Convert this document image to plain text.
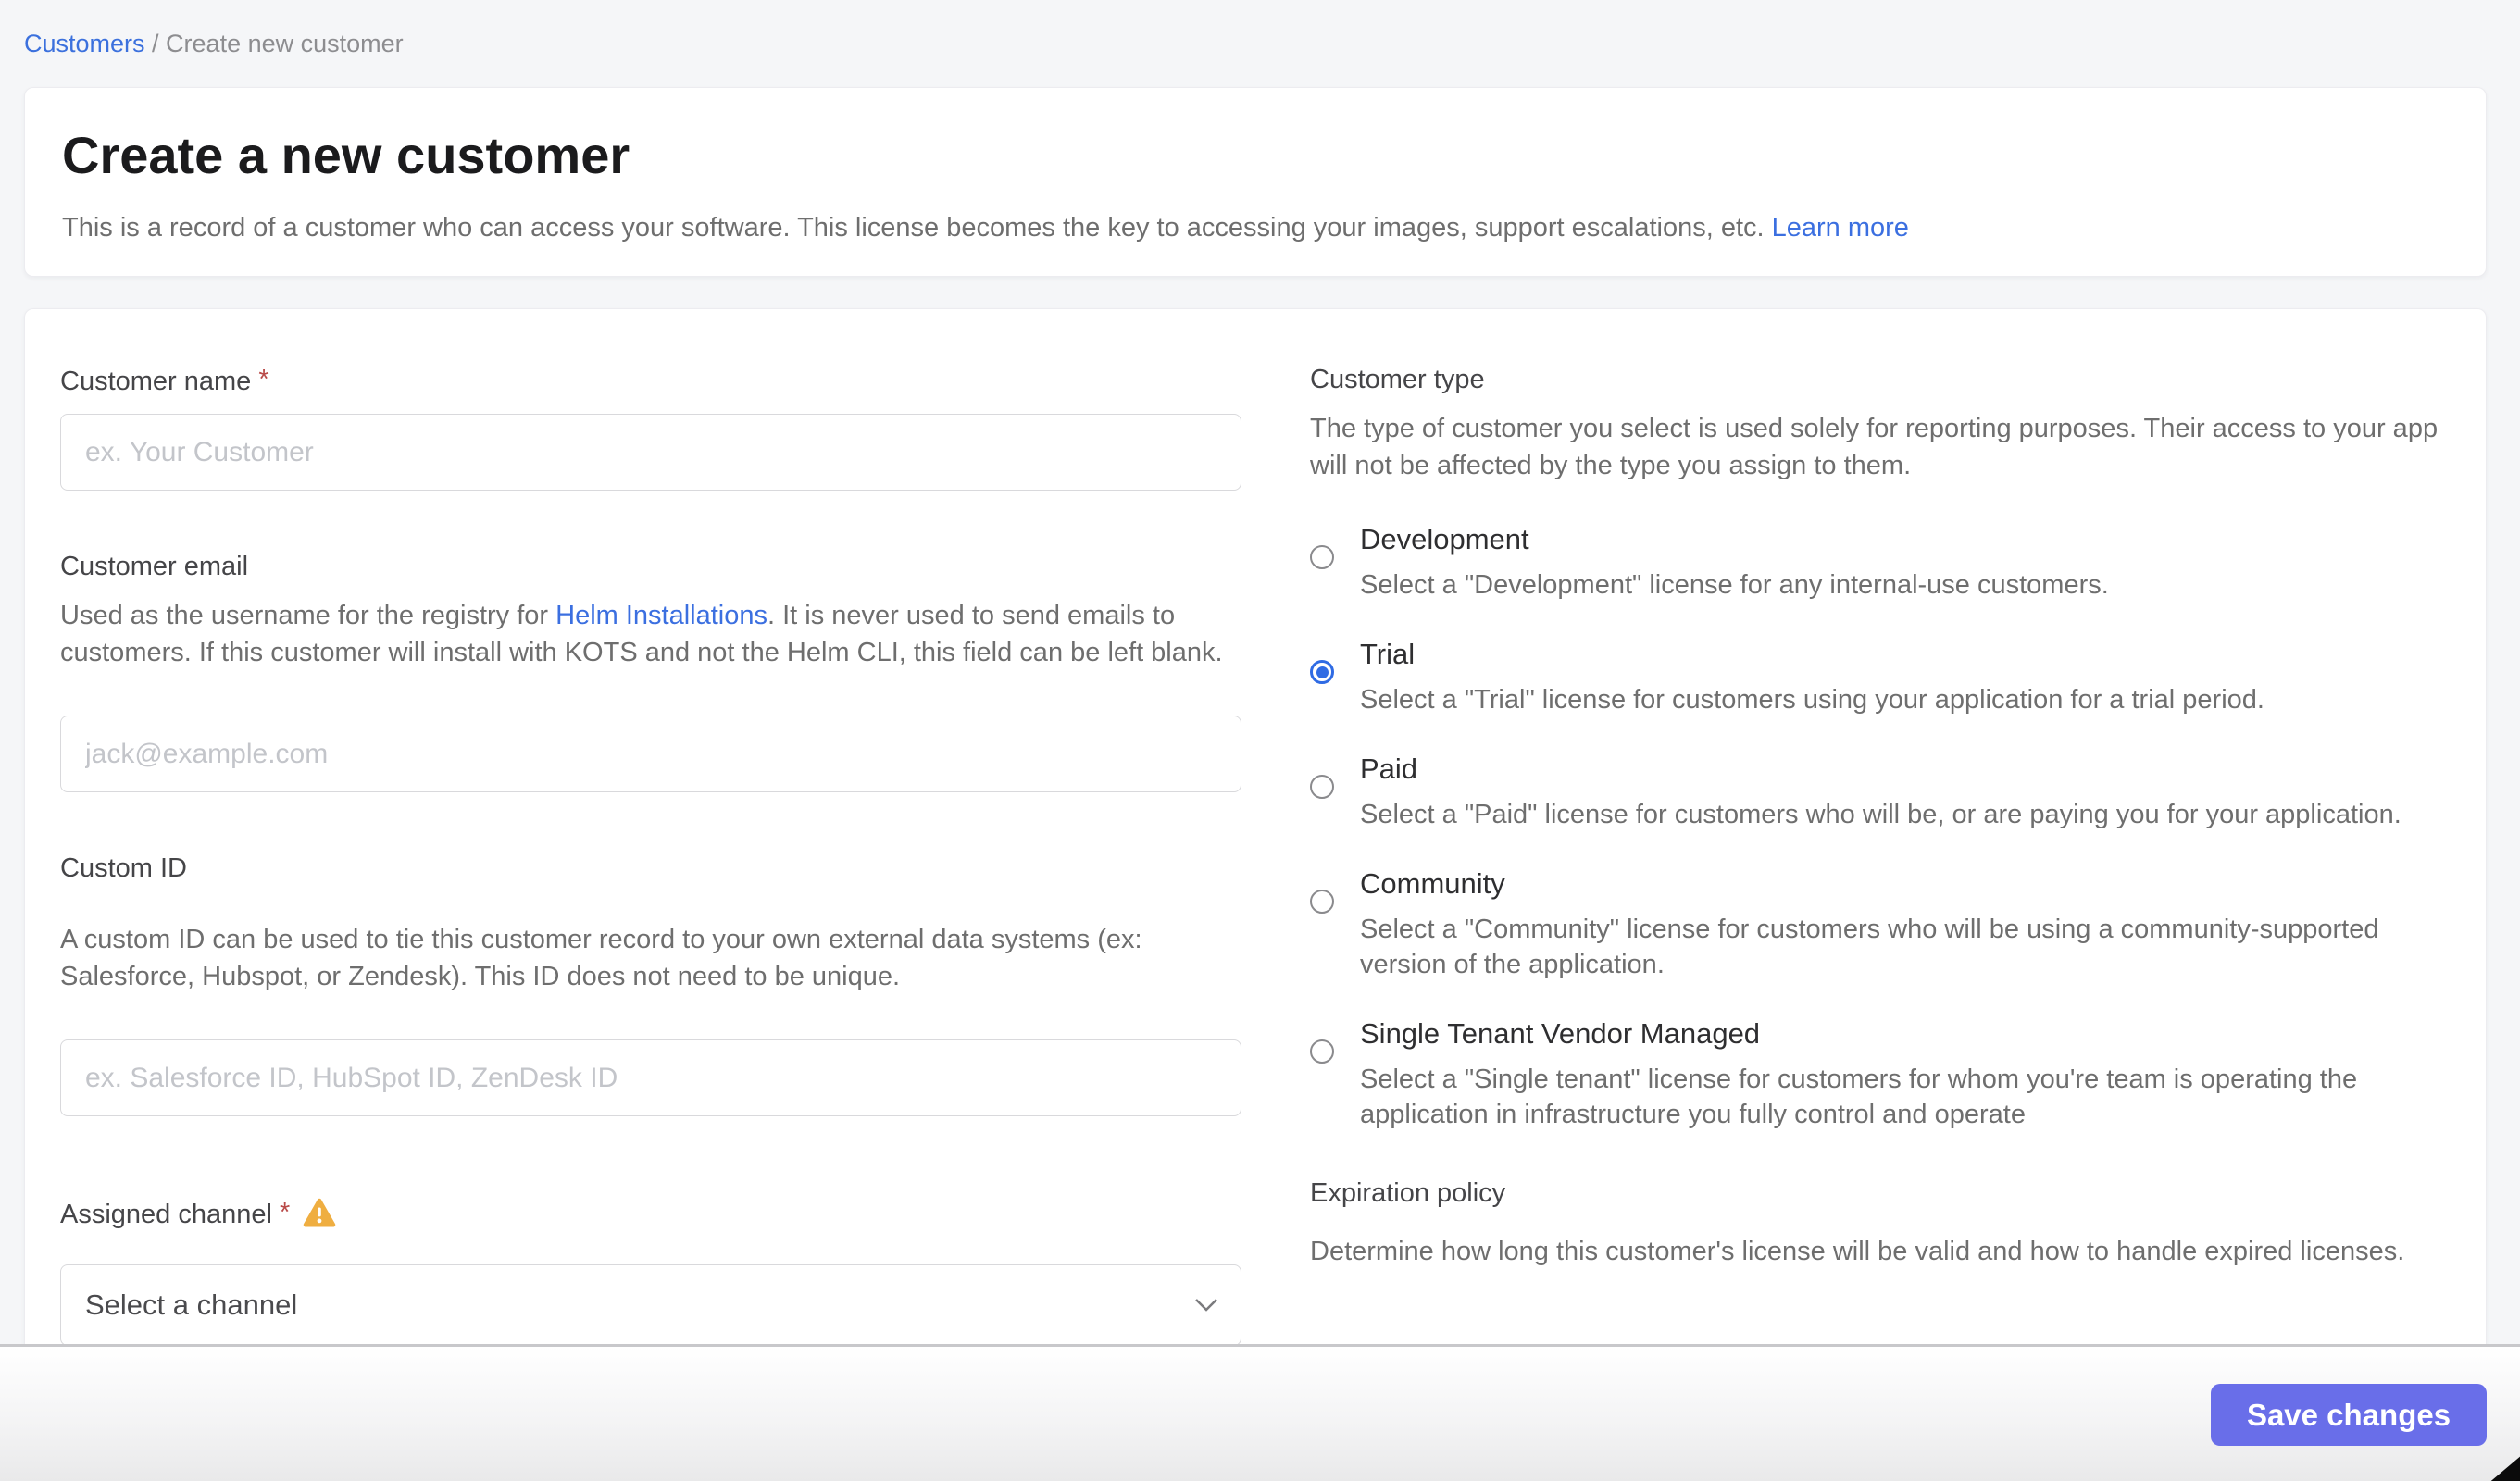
Customers / Create new customer
Create a new customer
This is a record of a customer who can access your software. This license becomes the key to accessing your images, support escalations, etc. Learn more
Customer name *
ex. Your Customer
Customer email
Used as the username for the registry for Helm Installations. It is never used to send emails to customers. If this customer will install with KOTS and not the Helm CLI, this field can be left blank.
jack@example.com
Custom ID
A custom ID can be used to tie this customer record to your own external data systems (ex: Salesforce, Hubspot, or Zendesk). This ID does not need to be unique.
ex. Salesforce ID, HubSpot ID, ZenDesk ID
Assigned channel *
Select a channel
Customer type
The type of customer you select is used solely for reporting purposes. Their access to your app will not be affected by the type you assign to them.
Development
Select a "Development" license for any internal-use customers.
Trial
Select a "Trial" license for customers using your application for a trial period.
Paid
Select a "Paid" license for customers who will be, or are paying you for your application.
Community
Select a "Community" license for customers who will be using a community-supported version of the application.
Single Tenant Vendor Managed
Select a "Single tenant" license for customers for whom you're team is operating the application in infrastructure you fully control and operate
Expiration policy
Determine how long this customer's license will be valid and how to handle expired licenses.
Save changes
